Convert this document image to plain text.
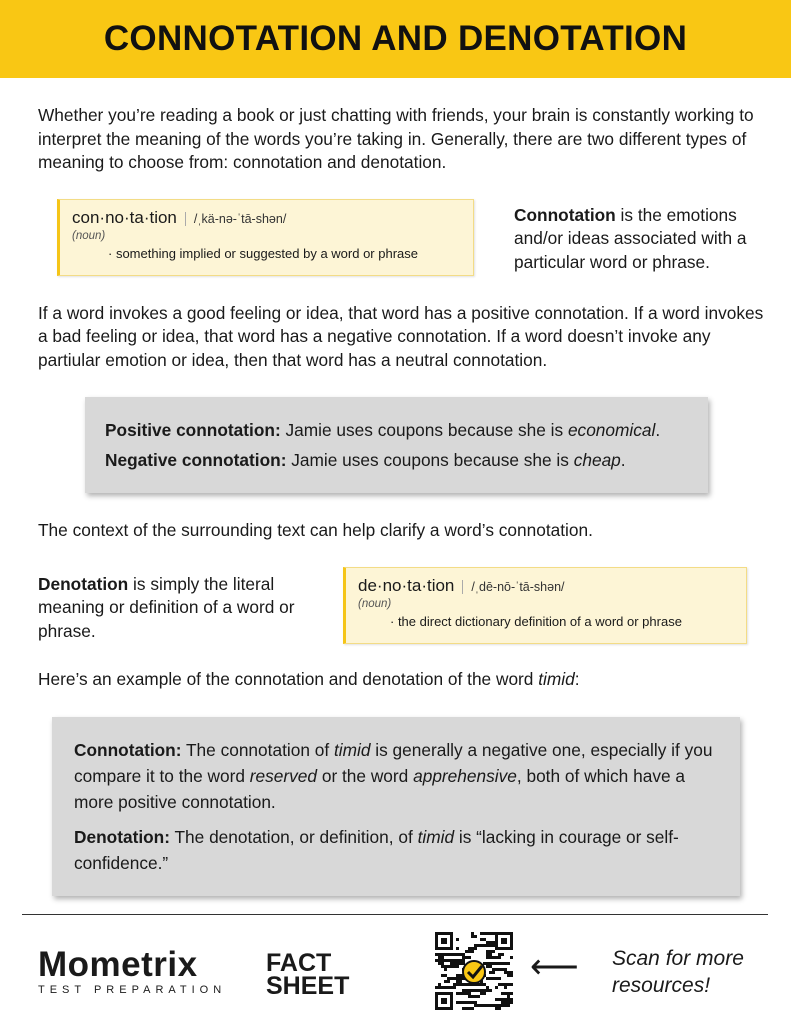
CONNOTATION AND DENOTATION

Whether you’re reading a book or just chatting with friends, your brain is constantly working to interpret the meaning of the words you’re taking in. Generally, there are two different types of meaning to choose from: connotation and denotation.

con·no·ta·tion	/ˌkä-nə-ˈtā-shən/
(noun)
· something implied or suggested by a word or phrase

Connotation is the emotions and/or ideas associated with a particular word or phrase.

If a word invokes a good feeling or idea, that word has a positive connotation. If a word invokes a bad feeling or idea, that word has a negative connotation. If a word doesn’t invoke any partiular emotion or idea, then that word has a neutral connotation.

Positive connotation: Jamie uses coupons because she is economical.

Negative connotation: Jamie uses coupons because she is cheap.

The context of the surrounding text can help clarify a word’s connotation.

Denotation is simply the literal meaning or definition of a word or phrase.

de·no·ta·tion	/ˌdē-nō-ˈtā-shən/
(noun)
· the direct dictionary definition of a word or phrase

Here’s an example of the connotation and denotation of the word timid:

Connotation: The connotation of timid is generally a negative one, especially if you compare it to the word reserved or the word apprehensive, both of which have a more positive connotation.

Denotation: The denotation, or definition, of timid is “lacking in courage or self-confidence.”

Mometrix
TEST PREPARATION
FACT
SHEET	⟵ Scan for more resources!
